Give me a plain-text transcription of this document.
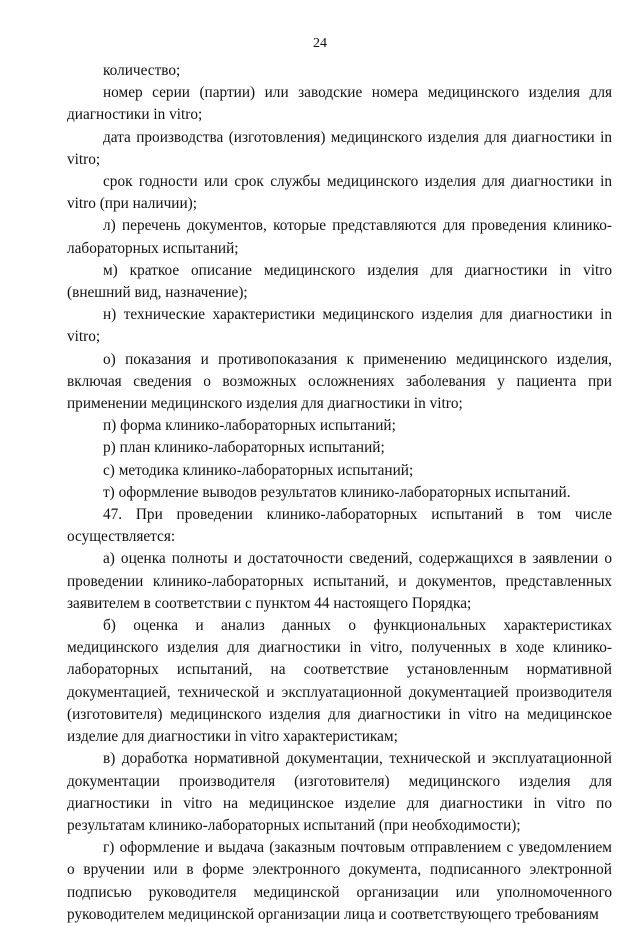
24

количество;

номер серии (партии) или заводские номера медицинского изделия для диагностики in vitro;

дата производства (изготовления) медицинского изделия для диагностики in vitro;

срок годности или срок службы медицинского изделия для диагностики in vitro (при наличии);

л) перечень документов, которые представляются для проведения клинико-лабораторных испытаний;

м) краткое описание медицинского изделия для диагностики in vitro (внешний вид, назначение);

н) технические характеристики медицинского изделия для диагностики in vitro;

о) показания и противопоказания к применению медицинского изделия, включая сведения о возможных осложнениях заболевания у пациента при применении медицинского изделия для диагностики in vitro;

п) форма клинико-лабораторных испытаний;

р) план клинико-лабораторных испытаний;

с) методика клинико-лабораторных испытаний;

т) оформление выводов результатов клинико-лабораторных испытаний.

47. При проведении клинико-лабораторных испытаний в том числе осуществляется:

а) оценка полноты и достаточности сведений, содержащихся в заявлении о проведении клинико-лабораторных испытаний, и документов, представленных заявителем в соответствии с пунктом 44 настоящего Порядка;

б) оценка и анализ данных о функциональных характеристиках медицинского изделия для диагностики in vitro, полученных в ходе клинико-лабораторных испытаний, на соответствие установленным нормативной документацией, технической и эксплуатационной документацией производителя (изготовителя) медицинского изделия для диагностики in vitro на медицинское изделие для диагностики in vitro характеристикам;

в) доработка нормативной документации, технической и эксплуатационной документации производителя (изготовителя) медицинского изделия для диагностики in vitro на медицинское изделие для диагностики in vitro по результатам клинико-лабораторных испытаний (при необходимости);

г) оформление и выдача (заказным почтовым отправлением с уведомлением о вручении или в форме электронного документа, подписанного электронной подписью руководителя медицинской организации или уполномоченного руководителем медицинской организации лица и соответствующего требованиям
